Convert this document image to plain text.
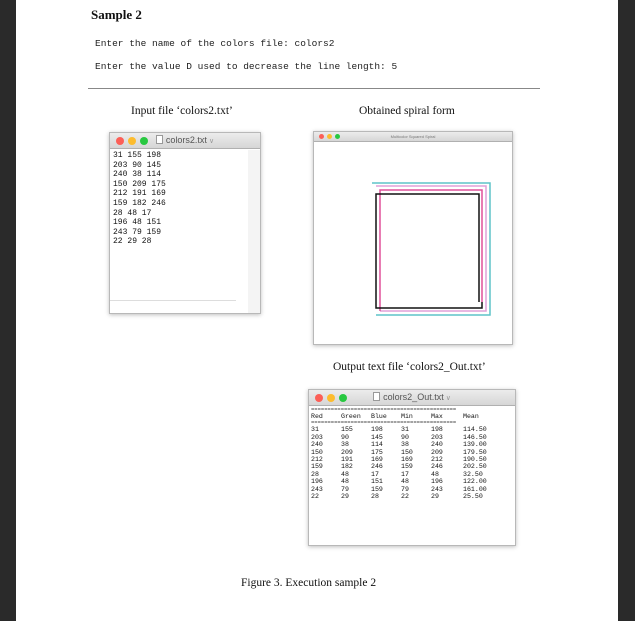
Sample 2
Enter the name of the colors file: colors2
Enter the value D used to decrease the line length: 5
Input file ‘colors2.txt’	Obtained spiral form
colors2.txt ∨
31 155 198
203 90 145
240 38 114
150 209 175
212 191 169
159 182 246
28 48 17
196 48 151
243 79 159
22 29 28
Multicolor Squared Spiral
Output text file ‘colors2_Out.txt’
colors2_Out.txt ∨
============================================
Red	Green	Blue	Min	Max	Mean
============================================
31	155	198	31	198	114.50
203	90	145	90	203	146.50
240	38	114	38	240	139.00
150	209	175	150	209	179.50
212	191	169	169	212	190.50
159	182	246	159	246	202.50
28	48	17	17	48	32.50
196	48	151	48	196	122.00
243	79	159	79	243	161.00
22	29	28	22	29	25.50
Figure 3. Execution sample 2
